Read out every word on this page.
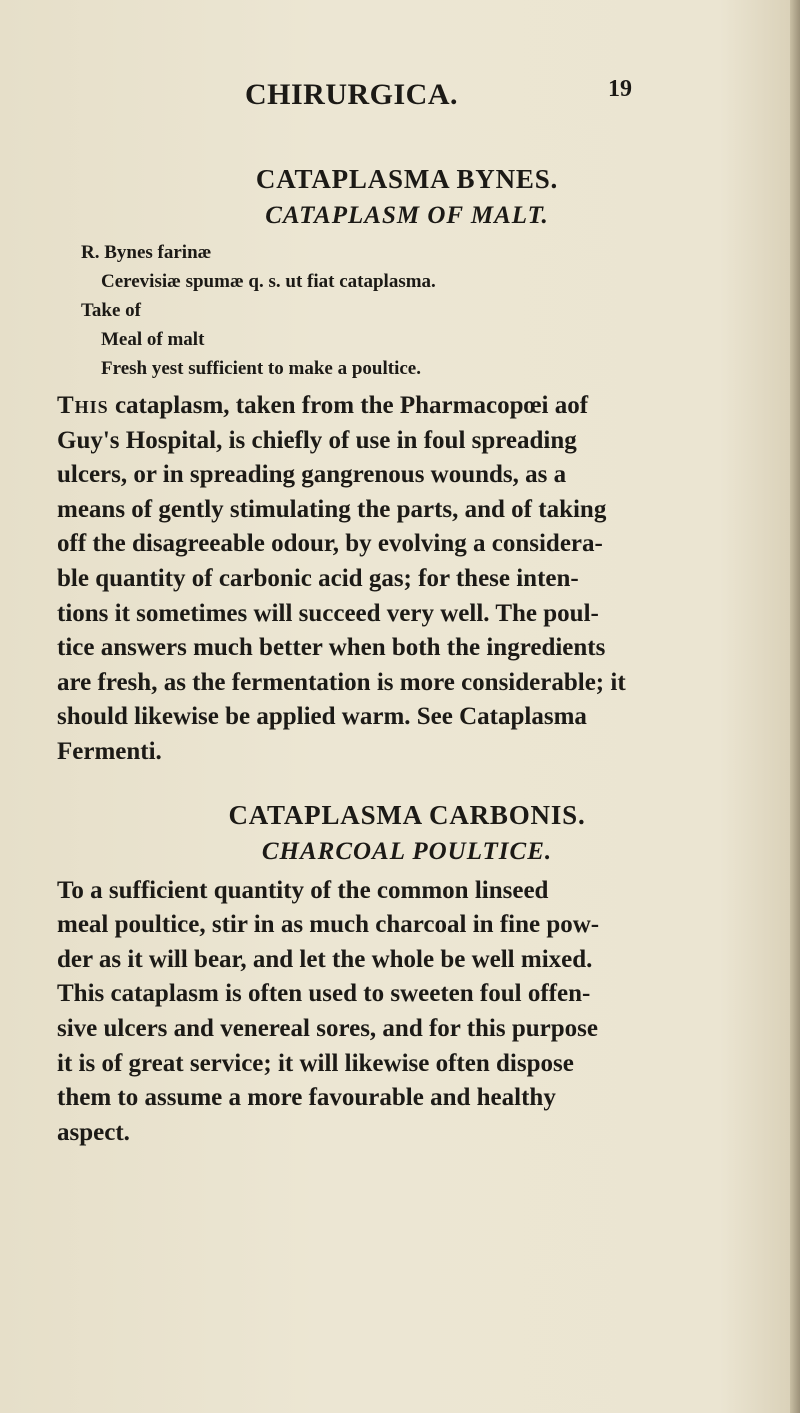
CHIRURGICA.	19

CATAPLASMA BYNES.

CATAPLASM OF MALT.

R. Bynes farinæ
Cerevisiæ spumæ q. s. ut fiat cataplasma.
Take of
Meal of malt
Fresh yest sufficient to make a poultice.

This cataplasm, taken from the Pharmacopœi aof
Guy's Hospital, is chiefly of use in foul spreading
ulcers, or in spreading gangrenous wounds, as a
means of gently stimulating the parts, and of taking
off the disagreeable odour, by evolving a considera-
ble quantity of carbonic acid gas; for these inten-
tions it sometimes will succeed very well. The poul-
tice answers much better when both the ingredients
are fresh, as the fermentation is more considerable; it
should likewise be applied warm. See Cataplasma
Fermenti.

CATAPLASMA CARBONIS.

CHARCOAL POULTICE.

To a sufficient quantity of the common linseed
meal poultice, stir in as much charcoal in fine pow-
der as it will bear, and let the whole be well mixed.
This cataplasm is often used to sweeten foul offen-
sive ulcers and venereal sores, and for this purpose
it is of great service; it will likewise often dispose
them to assume a more favourable and healthy
aspect.
